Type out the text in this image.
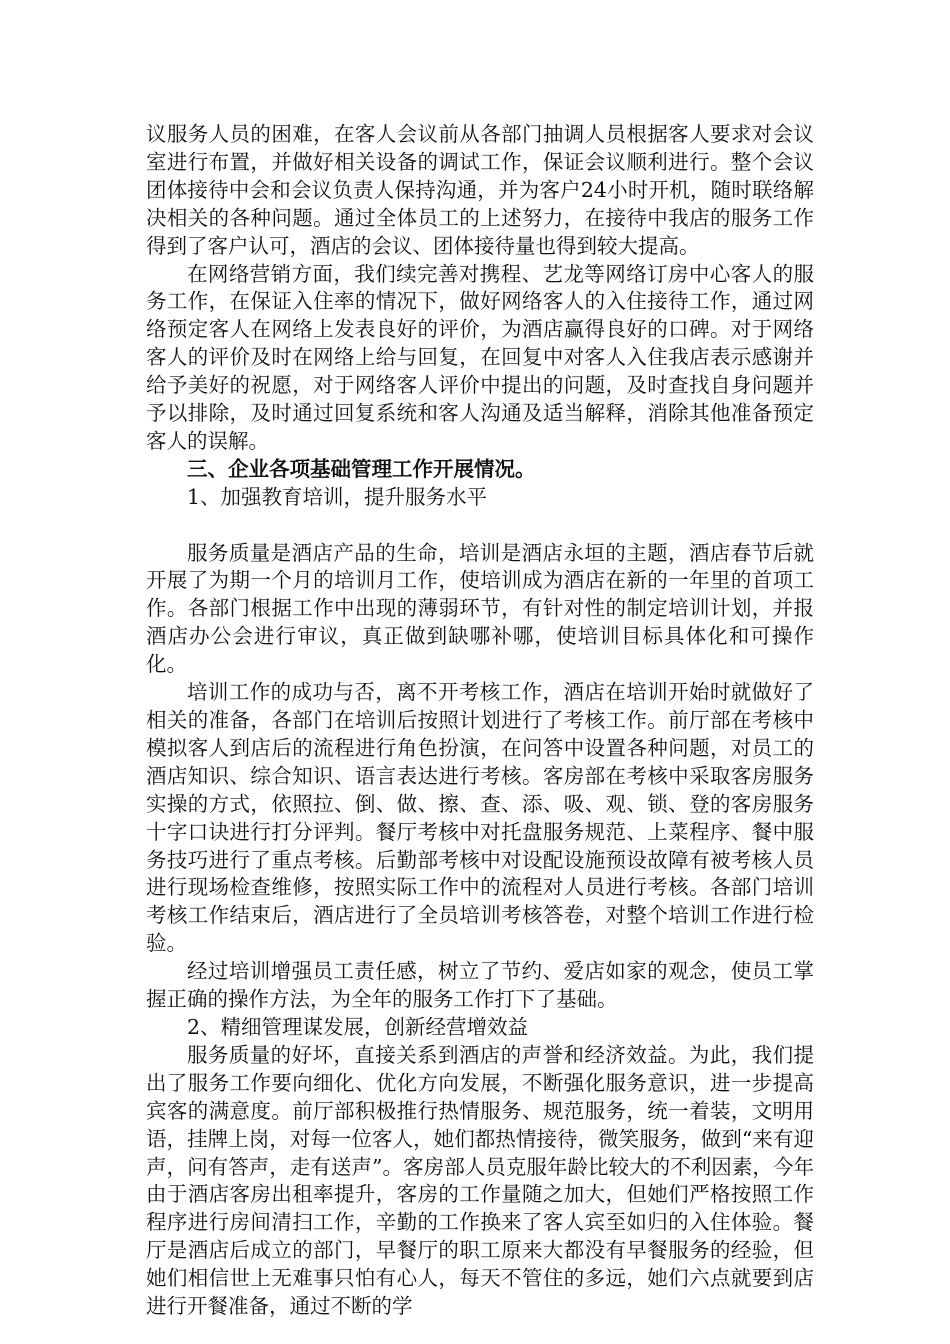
议服务人员的困难，在客人会议前从各部门抽调人员根据客人要求对会议室进行布置，并做好相关设备的调试工作，保证会议顺利进行。整个会议团体接待中会和会议负责人保持沟通，并为客户24小时开机，随时联络解决相关的各种问题。通过全体员工的上述努力，在接待中我店的服务工作得到了客户认可，酒店的会议、团体接待量也得到较大提高。

在网络营销方面，我们续完善对携程、艺龙等网络订房中心客人的服务工作，在保证入住率的情况下，做好网络客人的入住接待工作，通过网络预定客人在网络上发表良好的评价，为酒店赢得良好的口碑。对于网络客人的评价及时在网络上给与回复，在回复中对客人入住我店表示感谢并给予美好的祝愿，对于网络客人评价中提出的问题，及时查找自身问题并予以排除，及时通过回复系统和客人沟通及适当解释，消除其他准备预定客人的误解。

三、企业各项基础管理工作开展情况。

1、加强教育培训，提升服务水平

服务质量是酒店产品的生命，培训是酒店永垣的主题，酒店春节后就开展了为期一个月的培训月工作，使培训成为酒店在新的一年里的首项工作。各部门根据工作中出现的薄弱环节，有针对性的制定培训计划，并报酒店办公会进行审议，真正做到缺哪补哪，使培训目标具体化和可操作化。

培训工作的成功与否，离不开考核工作，酒店在培训开始时就做好了相关的准备，各部门在培训后按照计划进行了考核工作。前厅部在考核中模拟客人到店后的流程进行角色扮演，在问答中设置各种问题，对员工的酒店知识、综合知识、语言表达进行考核。客房部在考核中采取客房服务实操的方式，依照拉、倒、做、擦、查、添、吸、观、锁、登的客房服务十字口诀进行打分评判。餐厅考核中对托盘服务规范、上菜程序、餐中服务技巧进行了重点考核。后勤部考核中对设配设施预设故障有被考核人员进行现场检查维修，按照实际工作中的流程对人员进行考核。各部门培训考核工作结束后，酒店进行了全员培训考核答卷，对整个培训工作进行检验。

经过培训增强员工责任感，树立了节约、爱店如家的观念，使员工掌握正确的操作方法，为全年的服务工作打下了基础。

2、精细管理谋发展，创新经营增效益

服务质量的好坏，直接关系到酒店的声誉和经济效益。为此，我们提出了服务工作要向细化、优化方向发展，不断强化服务意识，进一步提高宾客的满意度。前厅部积极推行热情服务、规范服务，统一着装，文明用语，挂牌上岗，对每一位客人，她们都热情接待，微笑服务，做到“来有迎声，问有答声，走有送声”。客房部人员克服年龄比较大的不利因素，今年由于酒店客房出租率提升，客房的工作量随之加大，但她们严格按照工作程序进行房间清扫工作，辛勤的工作换来了客人宾至如归的入住体验。餐厅是酒店后成立的部门，早餐厅的职工原来大都没有早餐服务的经验，但她们相信世上无难事只怕有心人，每天不管住的多远，她们六点就要到店进行开餐准备，通过不断的学
